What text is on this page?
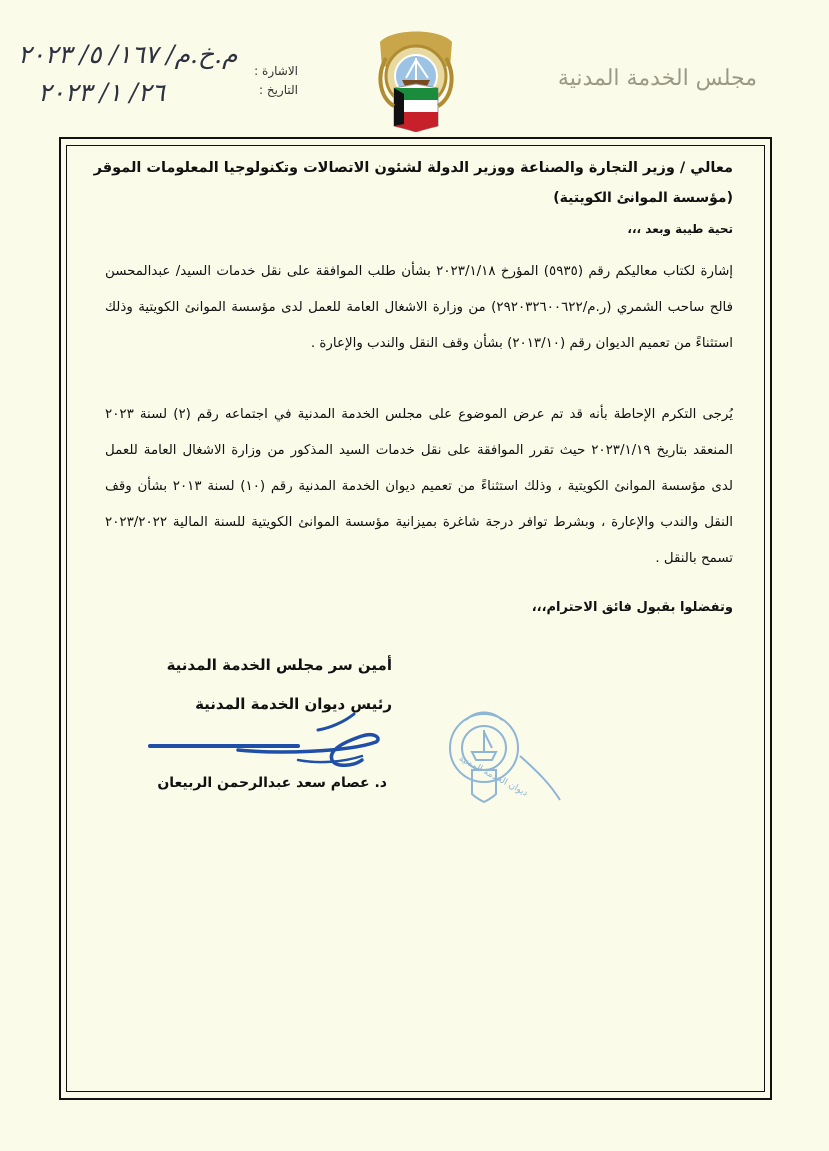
مجلس الخدمة المدنية
الاشارة :
التاريخ :
م.خ.م/ ١٦٧/ ٥/ ٢٠٢٣
٢٦/ ١/ ٢٠٢٣
معالي / وزير التجارة والصناعة ووزير الدولة لشئون الاتصالات وتكنولوجيا المعلومات الموقر
(مؤسسة الموانئ الكويتية)
تحية طيبة وبعد ،،،
إشارة لكتاب معاليكم رقم (٥٩٣٥) المؤرخ ٢٠٢٣/١/١٨ بشأن طلب الموافقة على نقل خدمات السيد/ عبدالمحسن فالح ساحب الشمري (ر.م/٢٩٢٠٣٢٦٠٠٦٢٢) من وزارة الاشغال العامة للعمل لدى مؤسسة الموانئ الكويتية وذلك استثناءً من تعميم الديوان رقم (٢٠١٣/١٠) بشأن وقف النقل والندب والإعارة .
يُرجى التكرم الإحاطة بأنه قد تم عرض الموضوع على مجلس الخدمة المدنية في اجتماعه رقم (٢) لسنة ٢٠٢٣ المنعقد بتاريخ ٢٠٢٣/١/١٩ حيث تقرر الموافقة على نقل خدمات السيد المذكور من وزارة الاشغال العامة للعمل لدى مؤسسة الموانئ الكويتية ، وذلك استثناءً من تعميم ديوان الخدمة المدنية رقم (١٠) لسنة ٢٠١٣ بشأن وقف النقل والندب والإعارة ، وبشرط توافر درجة شاغرة بميزانية مؤسسة الموانئ الكويتية للسنة المالية ٢٠٢٣/٢٠٢٢ تسمح بالنقل .
وتفضلوا بقبول فائق الاحترام،،،
أمين سر مجلس الخدمة المدنية
رئيس ديوان الخدمة المدنية
د. عصام سعد عبدالرحمن الربيعان	ديوان الخدمة المدنية
